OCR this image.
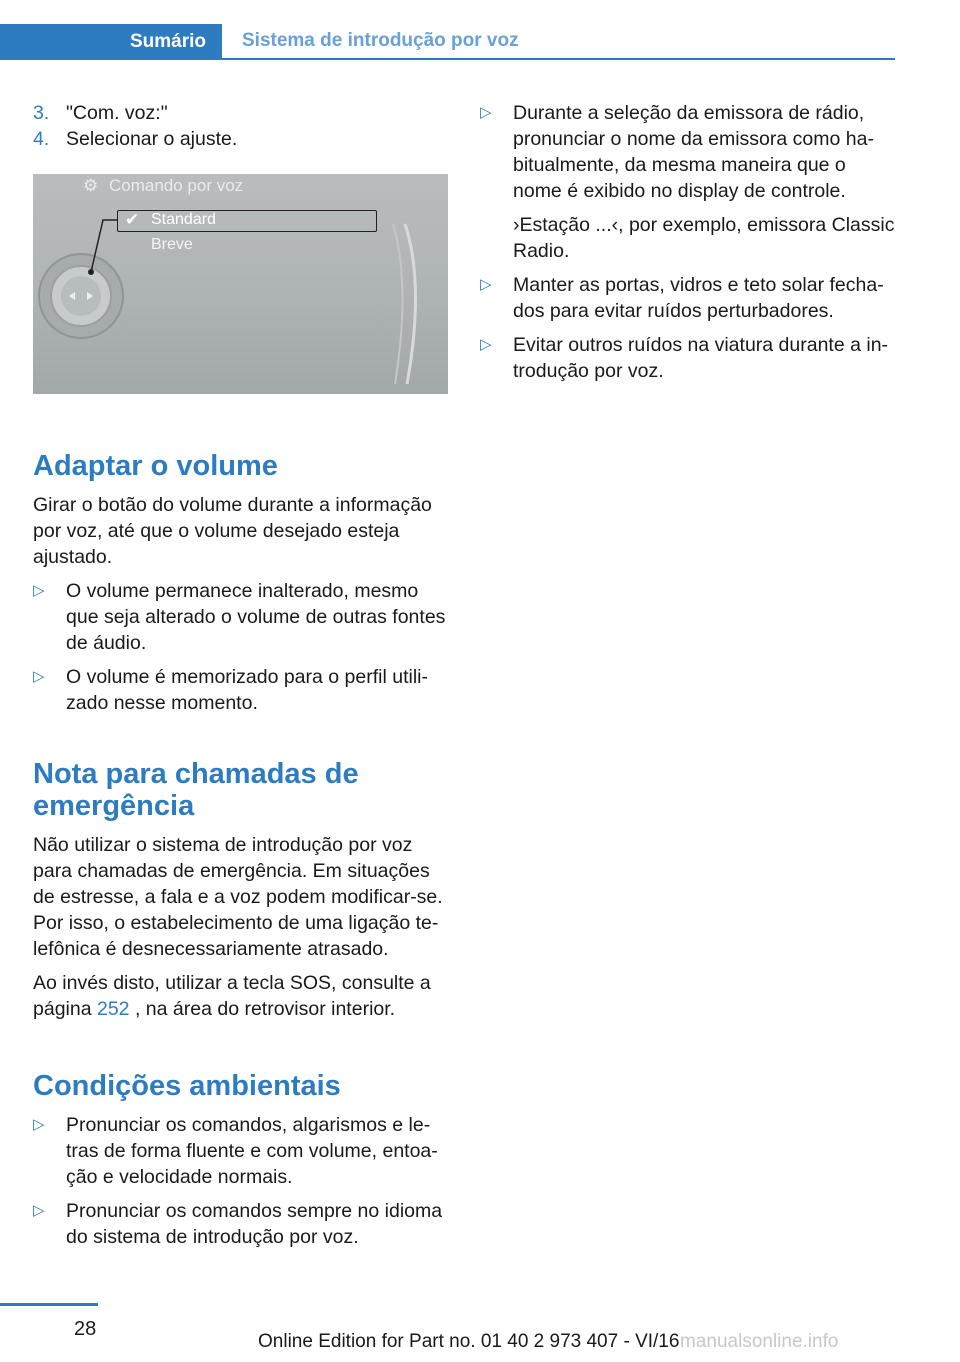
Sumário	Sistema de introdução por voz
3. "Com. voz:"
4. Selecionar o ajuste.
⚙ Comando por voz
✔ Standard
Breve
Adaptar o volume

Girar o botão do volume durante a informação por voz, até que o volume desejado esteja ajustado.

▷	O volume permanece inalterado, mesmo que seja alterado o volume de outras fontes de áudio.
▷	O volume é memorizado para o perfil utilizado nesse momento.
Nota para chamadas de emergência

Não utilizar o sistema de introdução por voz para chamadas de emergência. Em situações de estresse, a fala e a voz podem modificar-se. Por isso, o estabelecimento de uma ligação telefônica é desnecessariamente atrasado.

Ao invés disto, utilizar a tecla SOS, consulte a página 252 , na área do retrovisor interior.

Condições ambientais
▷	Pronunciar os comandos, algarismos e letras de forma fluente e com volume, entoação e velocidade normais.
▷	Pronunciar os comandos sempre no idioma do sistema de introdução por voz.
▷	Durante a seleção da emissora de rádio, pronunciar o nome da emissora como habitualmente, da mesma maneira que o nome é exibido no display de controle.
›Estação ...‹, por exemplo, emissora Classic Radio.
▷	Manter as portas, vidros e teto solar fechados para evitar ruídos perturbadores.
▷	Evitar outros ruídos na viatura durante a introdução por voz.
28
Online Edition for Part no. 01 40 2 973 407 - VI/16 manualsonline.info
